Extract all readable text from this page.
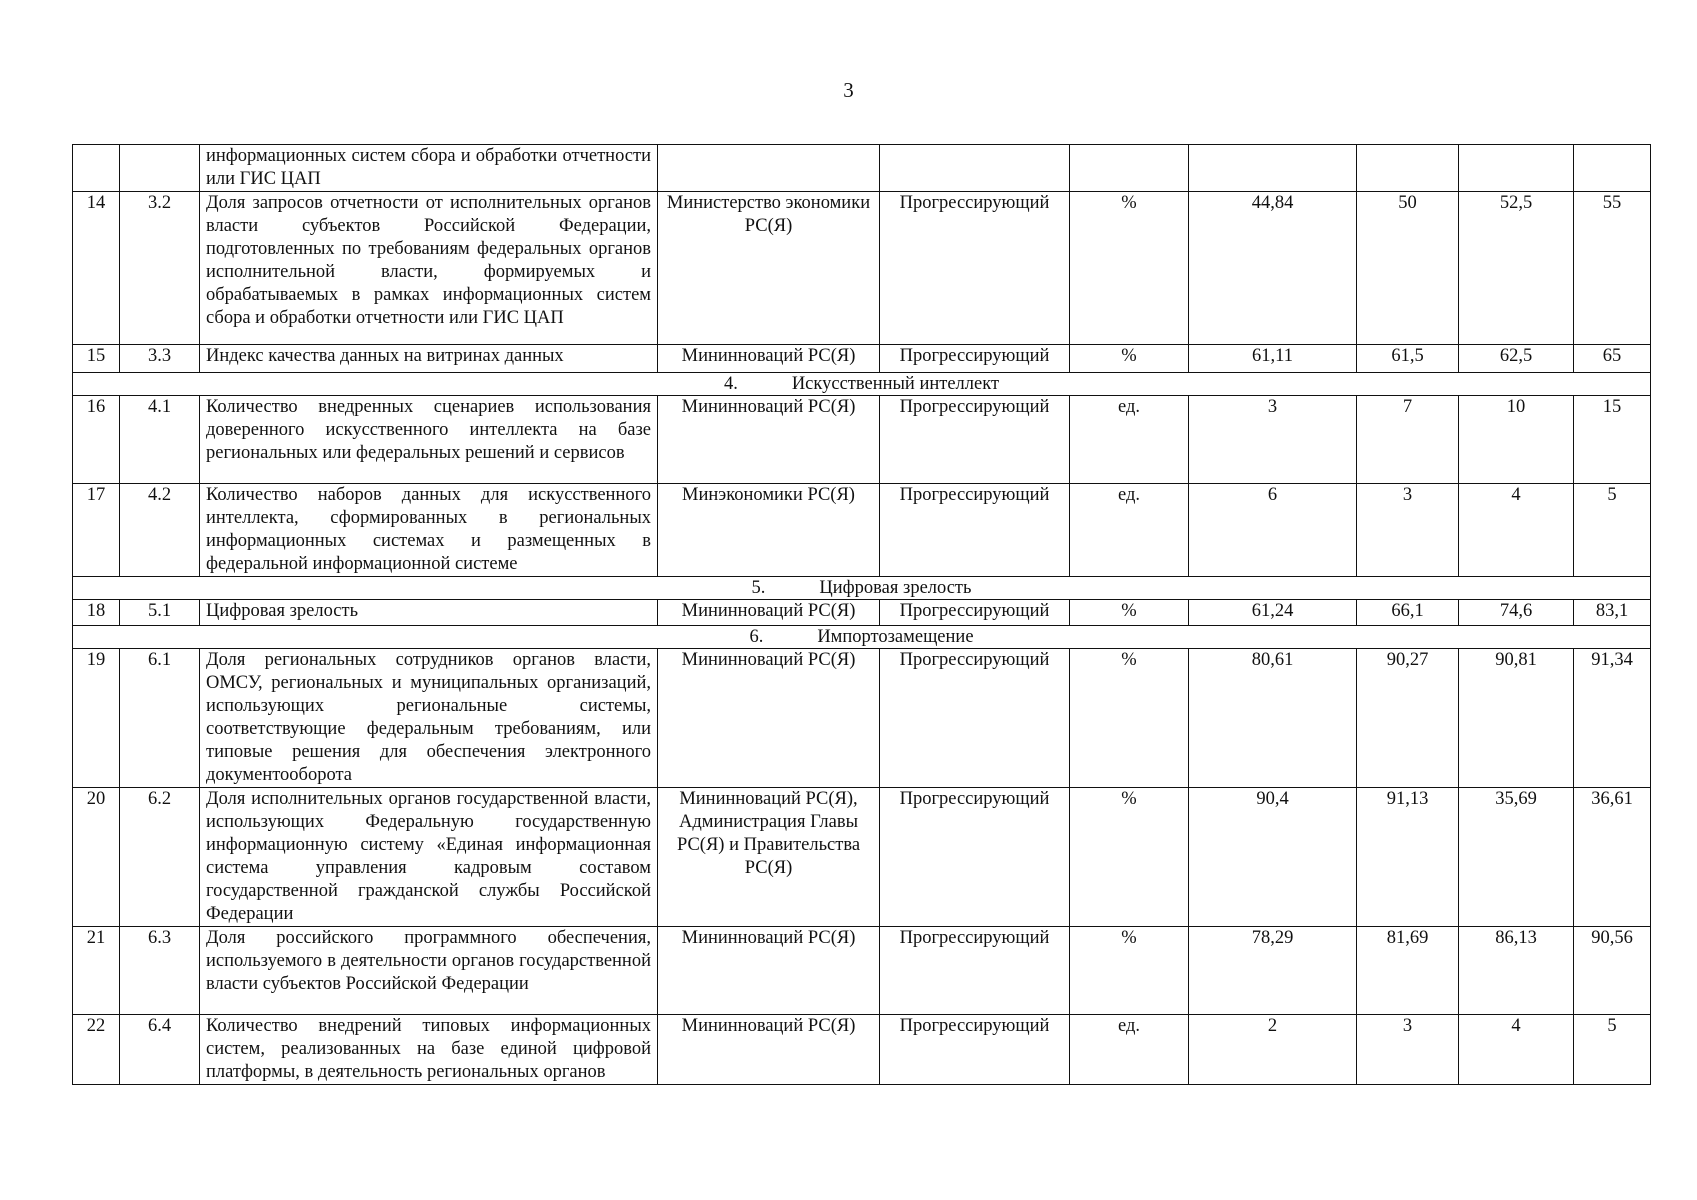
3
		информационных систем сбора и обработки отчетности или ГИС ЦАП							
14	3.2	Доля запросов отчетности от исполнительных органов власти субъектов Российской Федерации, подготовленных по требованиям федеральных органов исполнительной власти, формируемых и обрабатываемых в рамках информационных систем сбора и обработки отчетности или ГИС ЦАП	Министерство экономики РС(Я)	Прогрессирующий	%	44,84	50	52,5	55
15	3.3	Индекс качества данных на витринах данных	Мининноваций РС(Я)	Прогрессирующий	%	61,11	61,5	62,5	65
4. Искусственный интеллект									
16	4.1	Количество внедренных сценариев использования доверенного искусственного интеллекта на базе региональных или федеральных решений и сервисов	Мининноваций РС(Я)	Прогрессирующий	ед.	3	7	10	15
17	4.2	Количество наборов данных для искусственного интеллекта, сформированных в региональных информационных системах и размещенных в федеральной информационной системе	Минэкономики РС(Я)	Прогрессирующий	ед.	6	3	4	5
5. Цифровая зрелость									
18	5.1	Цифровая зрелость	Мининноваций РС(Я)	Прогрессирующий	%	61,24	66,1	74,6	83,1
6. Импортозамещение									
19	6.1	Доля региональных сотрудников органов власти, ОМСУ, региональных и муниципальных организаций, использующих региональные системы, соответствующие федеральным требованиям, или типовые решения для обеспечения электронного документооборота	Мининноваций РС(Я)	Прогрессирующий	%	80,61	90,27	90,81	91,34
20	6.2	Доля исполнительных органов государственной власти, использующих Федеральную государственную информационную систему «Единая информационная система управления кадровым составом государственной гражданской службы Российской Федерации	Мининноваций РС(Я), Администрация Главы РС(Я) и Правительства РС(Я)	Прогрессирующий	%	90,4	91,13	35,69	36,61
21	6.3	Доля российского программного обеспечения, используемого в деятельности органов государственной власти субъектов Российской Федерации	Мининноваций РС(Я)	Прогрессирующий	%	78,29	81,69	86,13	90,56
22	6.4	Количество внедрений типовых информационных систем, реализованных на базе единой цифровой платформы, в деятельность региональных органов	Мининноваций РС(Я)	Прогрессирующий	ед.	2	3	4	5
